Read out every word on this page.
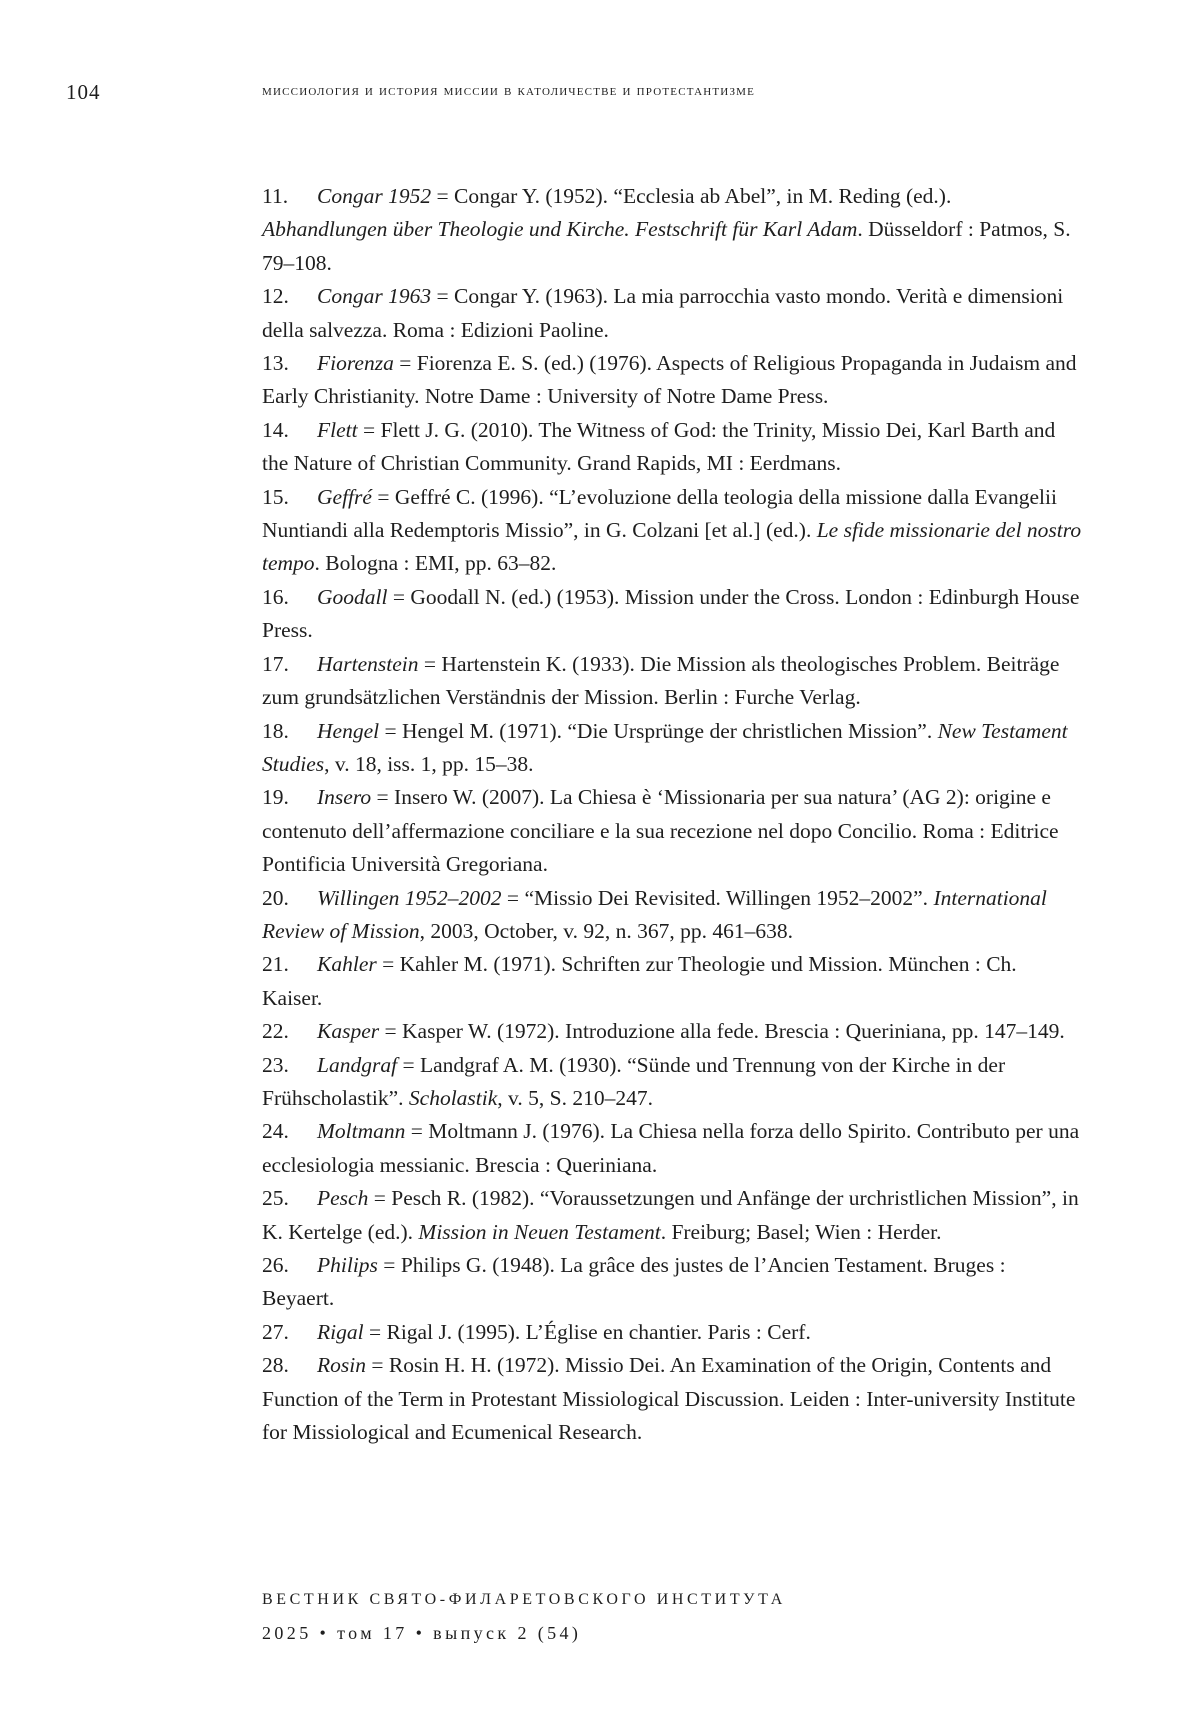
104	миссиология и история миссии в католичестве и протестантизме

11. Congar 1952 = Congar Y. (1952). “Ecclesia ab Abel”, in M. Reding (ed.). Abhandlungen über Theologie und Kirche. Festschrift für Karl Adam. Düsseldorf : Patmos, S. 79–108.

12. Congar 1963 = Congar Y. (1963). La mia parrocchia vasto mondo. Verità e dimensioni della salvezza. Roma : Edizioni Paoline.

13. Fiorenza = Fiorenza E. S. (ed.) (1976). Aspects of Religious Propaganda in Judaism and Early Christianity. Notre Dame : University of Notre Dame Press.

14. Flett = Flett J. G. (2010). The Witness of God: the Trinity, Missio Dei, Karl Barth and the Nature of Christian Community. Grand Rapids, MI : Eerdmans.

15. Geffré = Geffré C. (1996). “L’evoluzione della teologia della missione dalla Evangelii Nuntiandi alla Redemptoris Missio”, in G. Colzani [et al.] (ed.). Le sfide missionarie del nostro tempo. Bologna : EMI, pp. 63–82.

16. Goodall = Goodall N. (ed.) (1953). Mission under the Cross. London : Edinburgh House Press.

17. Hartenstein = Hartenstein K. (1933). Die Mission als theologisches Problem. Beiträge zum grundsätzlichen Verständnis der Mission. Berlin : Furche Verlag.

18. Hengel = Hengel M. (1971). “Die Ursprünge der christlichen Mission”. New Testament Studies, v. 18, iss. 1, pp. 15–38.

19. Insero = Insero W. (2007). La Chiesa è ‘Missionaria per sua natura’ (AG 2): origine e contenuto dell’affermazione conciliare e la sua recezione nel dopo Concilio. Roma : Editrice Pontificia Università Gregoriana.

20. Willingen 1952–2002 = “Missio Dei Revisited. Willingen 1952–2002”. International Review of Mission, 2003, October, v. 92, n. 367, pp. 461–638.

21. Kahler = Kahler M. (1971). Schriften zur Theologie und Mission. München : Ch. Kaiser.

22. Kasper = Kasper W. (1972). Introduzione alla fede. Brescia : Queriniana, pp. 147–149.

23. Landgraf = Landgraf A. M. (1930). “Sünde und Trennung von der Kirche in der Frühscholastik”. Scholastik, v. 5, S. 210–247.

24. Moltmann = Moltmann J. (1976). La Chiesa nella forza dello Spirito. Contributo per una ecclesiologia messianic. Brescia : Queriniana.

25. Pesch = Pesch R. (1982). “Voraussetzungen und Anfänge der urchristlichen Mission”, in K. Kertelge (ed.). Mission in Neuen Testament. Freiburg; Basel; Wien : Herder.

26. Philips = Philips G. (1948). La grâce des justes de l’Ancien Testament. Bruges : Beyaert.

27. Rigal = Rigal J. (1995). L’Église en chantier. Paris : Cerf.

28. Rosin = Rosin H. H. (1972). Missio Dei. An Examination of the Origin, Contents and Function of the Term in Protestant Missiological Discussion. Leiden : Inter-university Institute for Missiological and Ecumenical Research.

ВЕСТНИК СВЯТО-ФИЛАРЕТОВСКОГО ИНСТИТУТА
2025 • том 17 • выпуск 2 (54)
